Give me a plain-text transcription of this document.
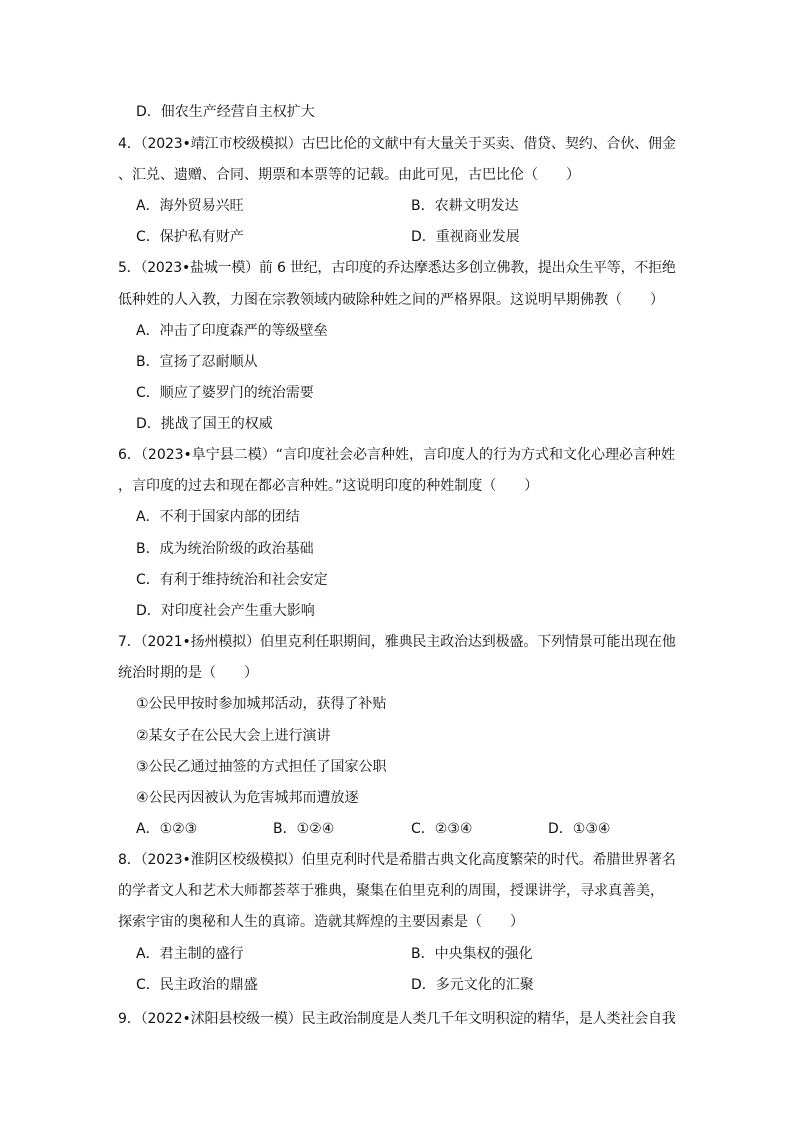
D．佃农生产经营自主权扩大
4．（2023•靖江市校级模拟）古巴比伦的文献中有大量关于买卖、借贷、契约、合伙、佣金
、汇兑、遗赠、合同、期票和本票等的记载。由此可见，古巴比伦（　　）
A．海外贸易兴旺	B．农耕文明发达
C．保护私有财产	D．重视商业发展
5．（2023•盐城一模）前 6 世纪，古印度的乔达摩悉达多创立佛教，提出众生平等，不拒绝
低种姓的人入教，力图在宗教领域内破除种姓之间的严格界限。这说明早期佛教（　　）
A．冲击了印度森严的等级壁垒
B．宣扬了忍耐顺从
C．顺应了婆罗门的统治需要
D．挑战了国王的权威
6．（2023•阜宁县二模）“言印度社会必言种姓，言印度人的行为方式和文化心理必言种姓
，言印度的过去和现在都必言种姓。”这说明印度的种姓制度（　　）
A．不利于国家内部的团结
B．成为统治阶级的政治基础
C．有利于维持统治和社会安定
D．对印度社会产生重大影响
7．（2021•扬州模拟）伯里克利任职期间，雅典民主政治达到极盛。下列情景可能出现在他
统治时期的是（　　）
①公民甲按时参加城邦活动，获得了补贴
②某女子在公民大会上进行演讲
③公民乙通过抽签的方式担任了国家公职
④公民丙因被认为危害城邦而遭放逐
A．①②③	B．①②④	C．②③④	D．①③④
8．（2023•淮阴区校级模拟）伯里克利时代是希腊古典文化高度繁荣的时代。希腊世界著名
的学者文人和艺术大师都荟萃于雅典，聚集在伯里克利的周围，授课讲学，寻求真善美，
探索宇宙的奥秘和人生的真谛。造就其辉煌的主要因素是（　　）
A．君主制的盛行	B．中央集权的强化
C．民主政治的鼎盛	D．多元文化的汇聚
9．（2022•沭阳县校级一模）民主政治制度是人类几千年文明积淀的精华，是人类社会自我
